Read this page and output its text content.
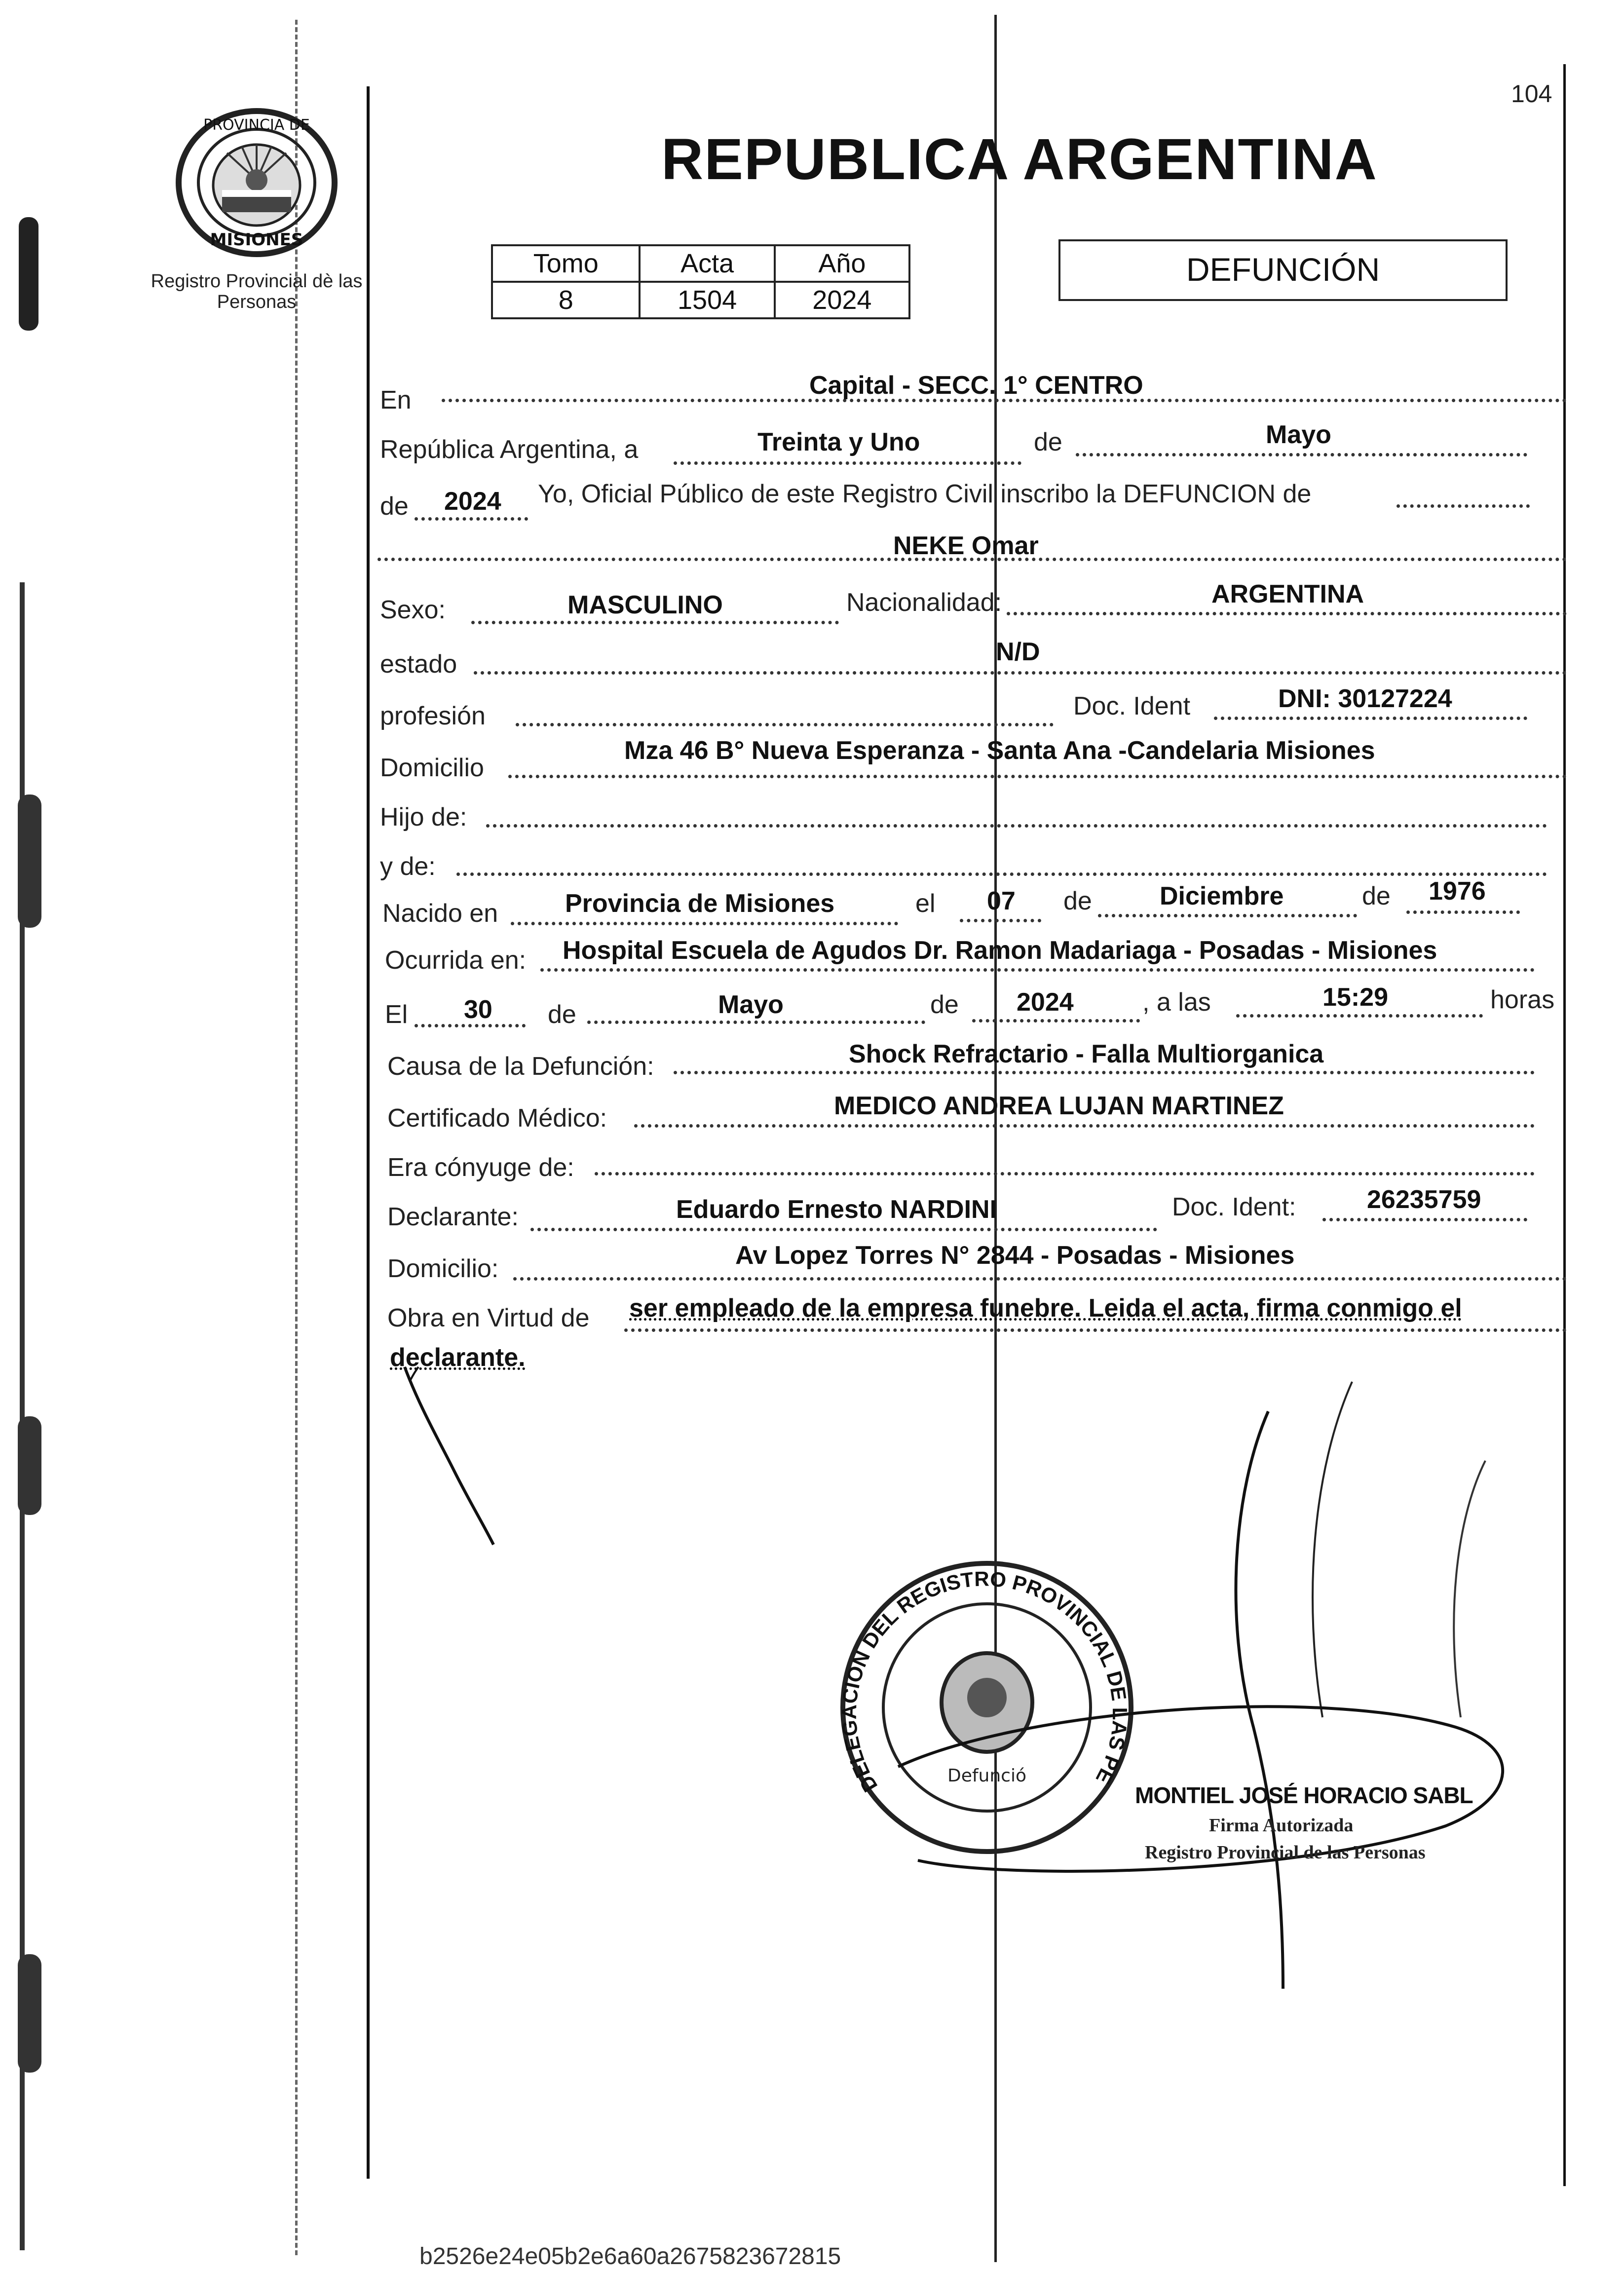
104
PROVINCIA DE
MISIONES
Registro Provincial dè las Personas
REPUBLICA ARGENTINA
Tomo	Acta	Año
8	1504	2024
DEFUNCIÓN
En
Capital - SECC. 1° CENTRO
República Argentina, a	Treinta y Uno	de	Mayo
de 2024 Yo, Oficial Público de este Registro Civil inscribo la DEFUNCION de
NEKE Omar
Sexo:	MASCULINO	Nacionalidad:	ARGENTINA
estado	N/D
profesión	Doc. Ident	DNI: 30127224
Domicilio
Mza 46 B° Nueva Esperanza - Santa Ana -Candelaria Misiones
Hijo de:
y de:
Nacido en	Provincia de Misiones	el 07 de	Diciembre	de 1976
Ocurrida en: Hospital Escuela de Agudos Dr. Ramon Madariaga - Posadas - Misiones
El 30 de	Mayo	de 2024	, a las	15:29	horas
Causa de la Defunción:	Shock Refractario - Falla Multiorganica
Certificado Médico:	MEDICO ANDREA LUJAN MARTINEZ
Era cónyuge de:
Declarante:	Eduardo Ernesto NARDINI	Doc. Ident:	26235759
Domicilio:	Av Lopez Torres N° 2844 - Posadas - Misiones
Obra en Virtud de ser empleado de la empresa funebre. Leida el acta, firma conmigo el
declarante.
DELEGACION DEL REGISTRO PROVINCIAL DE LAS PE
Defunció
MONTIEL JOSÉ HORACIO SABL
Firma Autorizada
Registro Provincial de las Personas
b2526e24e05b2e6a60a2675823672815
